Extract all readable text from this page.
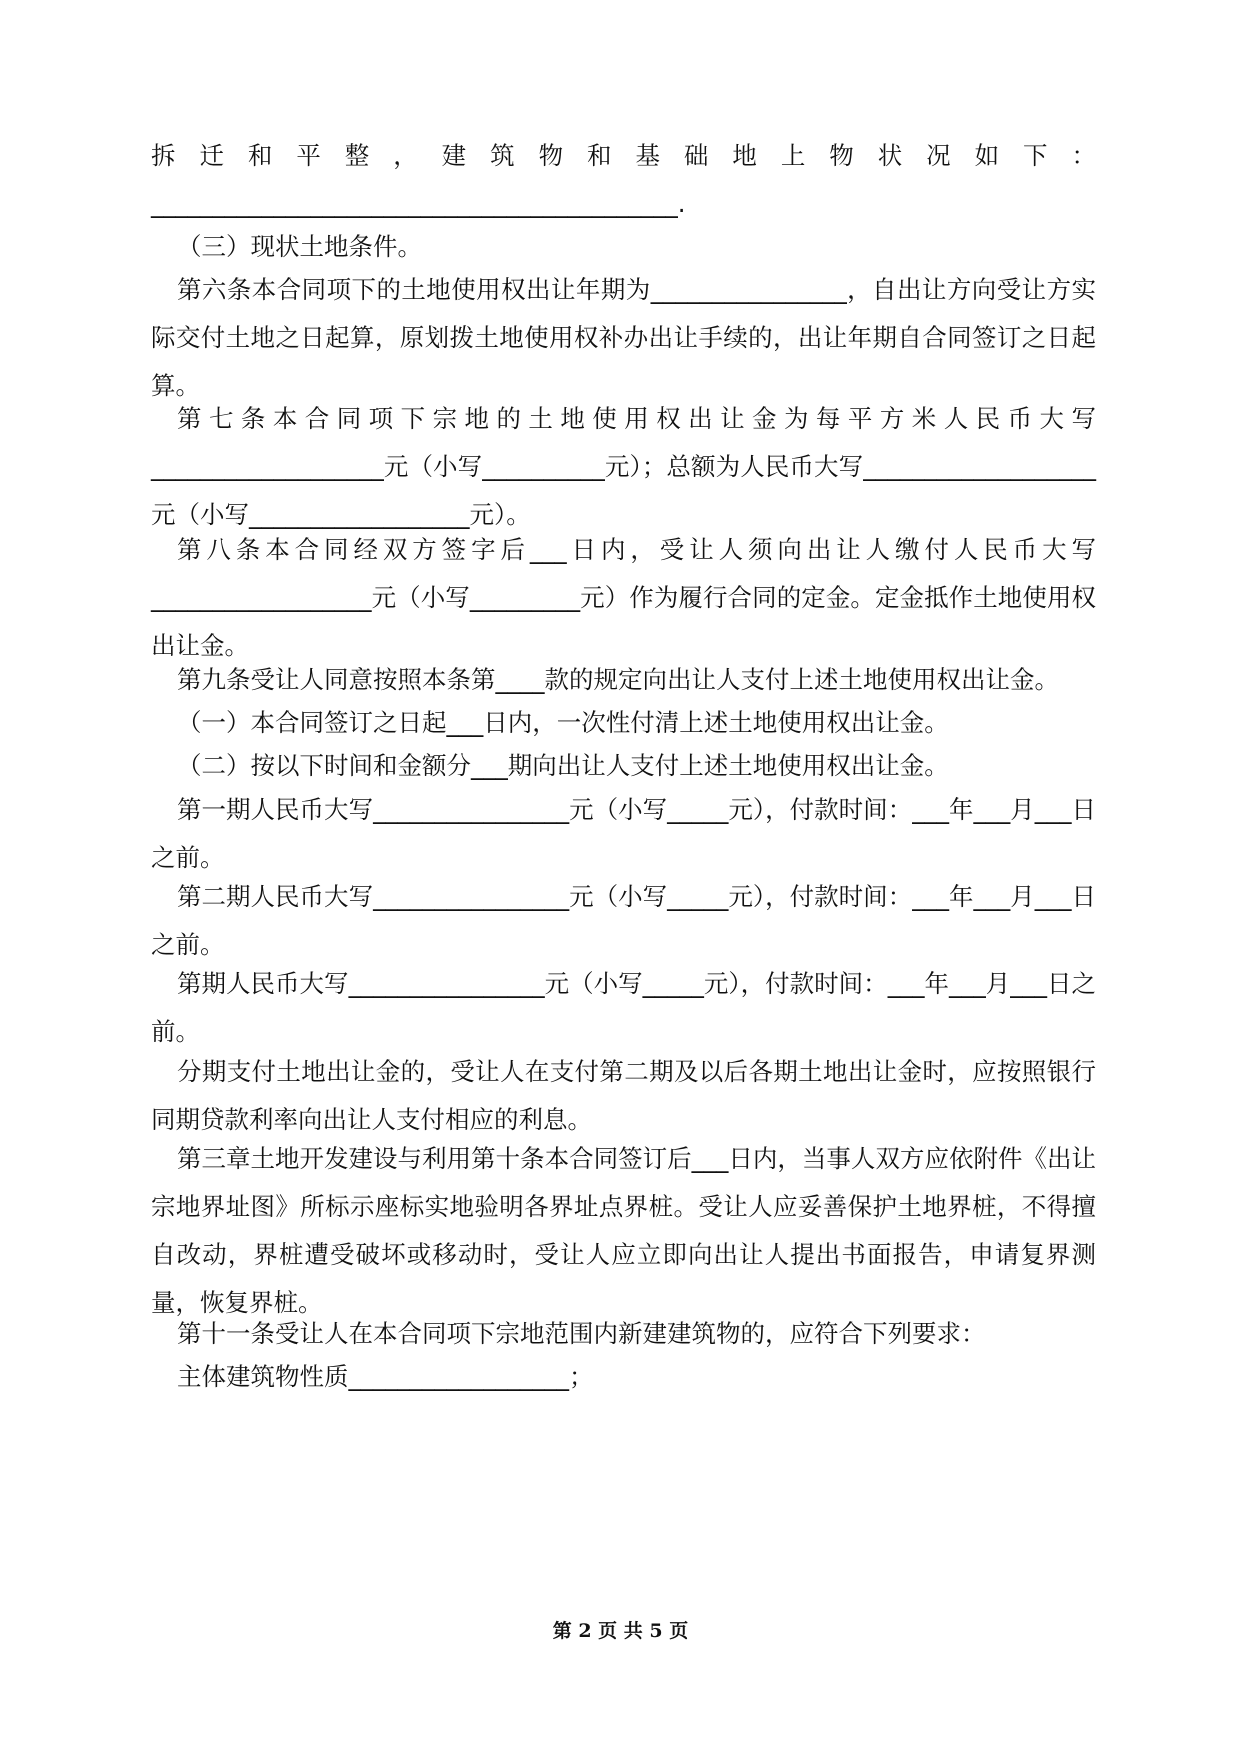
拆 迁 和 平 整 ， 建 筑 物 和 基 础 地 上 物 状 况 如 下 ：

___________________________________________.

（三）现状土地条件。

第六条本合同项下的土地使用权出让年期为________________，自出让方向受让方实际交付土地之日起算，原划拨土地使用权补办出让手续的，出让年期自合同签订之日起算。

第七条本合同项下宗地的土地使用权出让金为每平方米人民币大写___________________元（小写__________元）；总额为人民币大写___________________元（小写__________________元）。

第八条本合同经双方签字后___日内，受让人须向出让人缴付人民币大写__________________元（小写_________元）作为履行合同的定金。定金抵作土地使用权出让金。

第九条受让人同意按照本条第____款的规定向出让人支付上述土地使用权出让金。

（一）本合同签订之日起___日内，一次性付清上述土地使用权出让金。

（二）按以下时间和金额分___期向出让人支付上述土地使用权出让金。

第一期人民币大写________________元（小写_____元），付款时间：___年___月___日之前。

第二期人民币大写________________元（小写_____元），付款时间：___年___月___日之前。

第期人民币大写________________元（小写_____元），付款时间：___年___月___日之前。

分期支付土地出让金的，受让人在支付第二期及以后各期土地出让金时，应按照银行同期贷款利率向出让人支付相应的利息。

第三章土地开发建设与利用第十条本合同签订后___日内，当事人双方应依附件《出让宗地界址图》所标示座标实地验明各界址点界桩。受让人应妥善保护土地界桩，不得擅自改动，界桩遭受破坏或移动时，受让人应立即向出让人提出书面报告，申请复界测量，恢复界桩。

第十一条受让人在本合同项下宗地范围内新建建筑物的，应符合下列要求：

主体建筑物性质__________________；

第 2 页 共 5 页
